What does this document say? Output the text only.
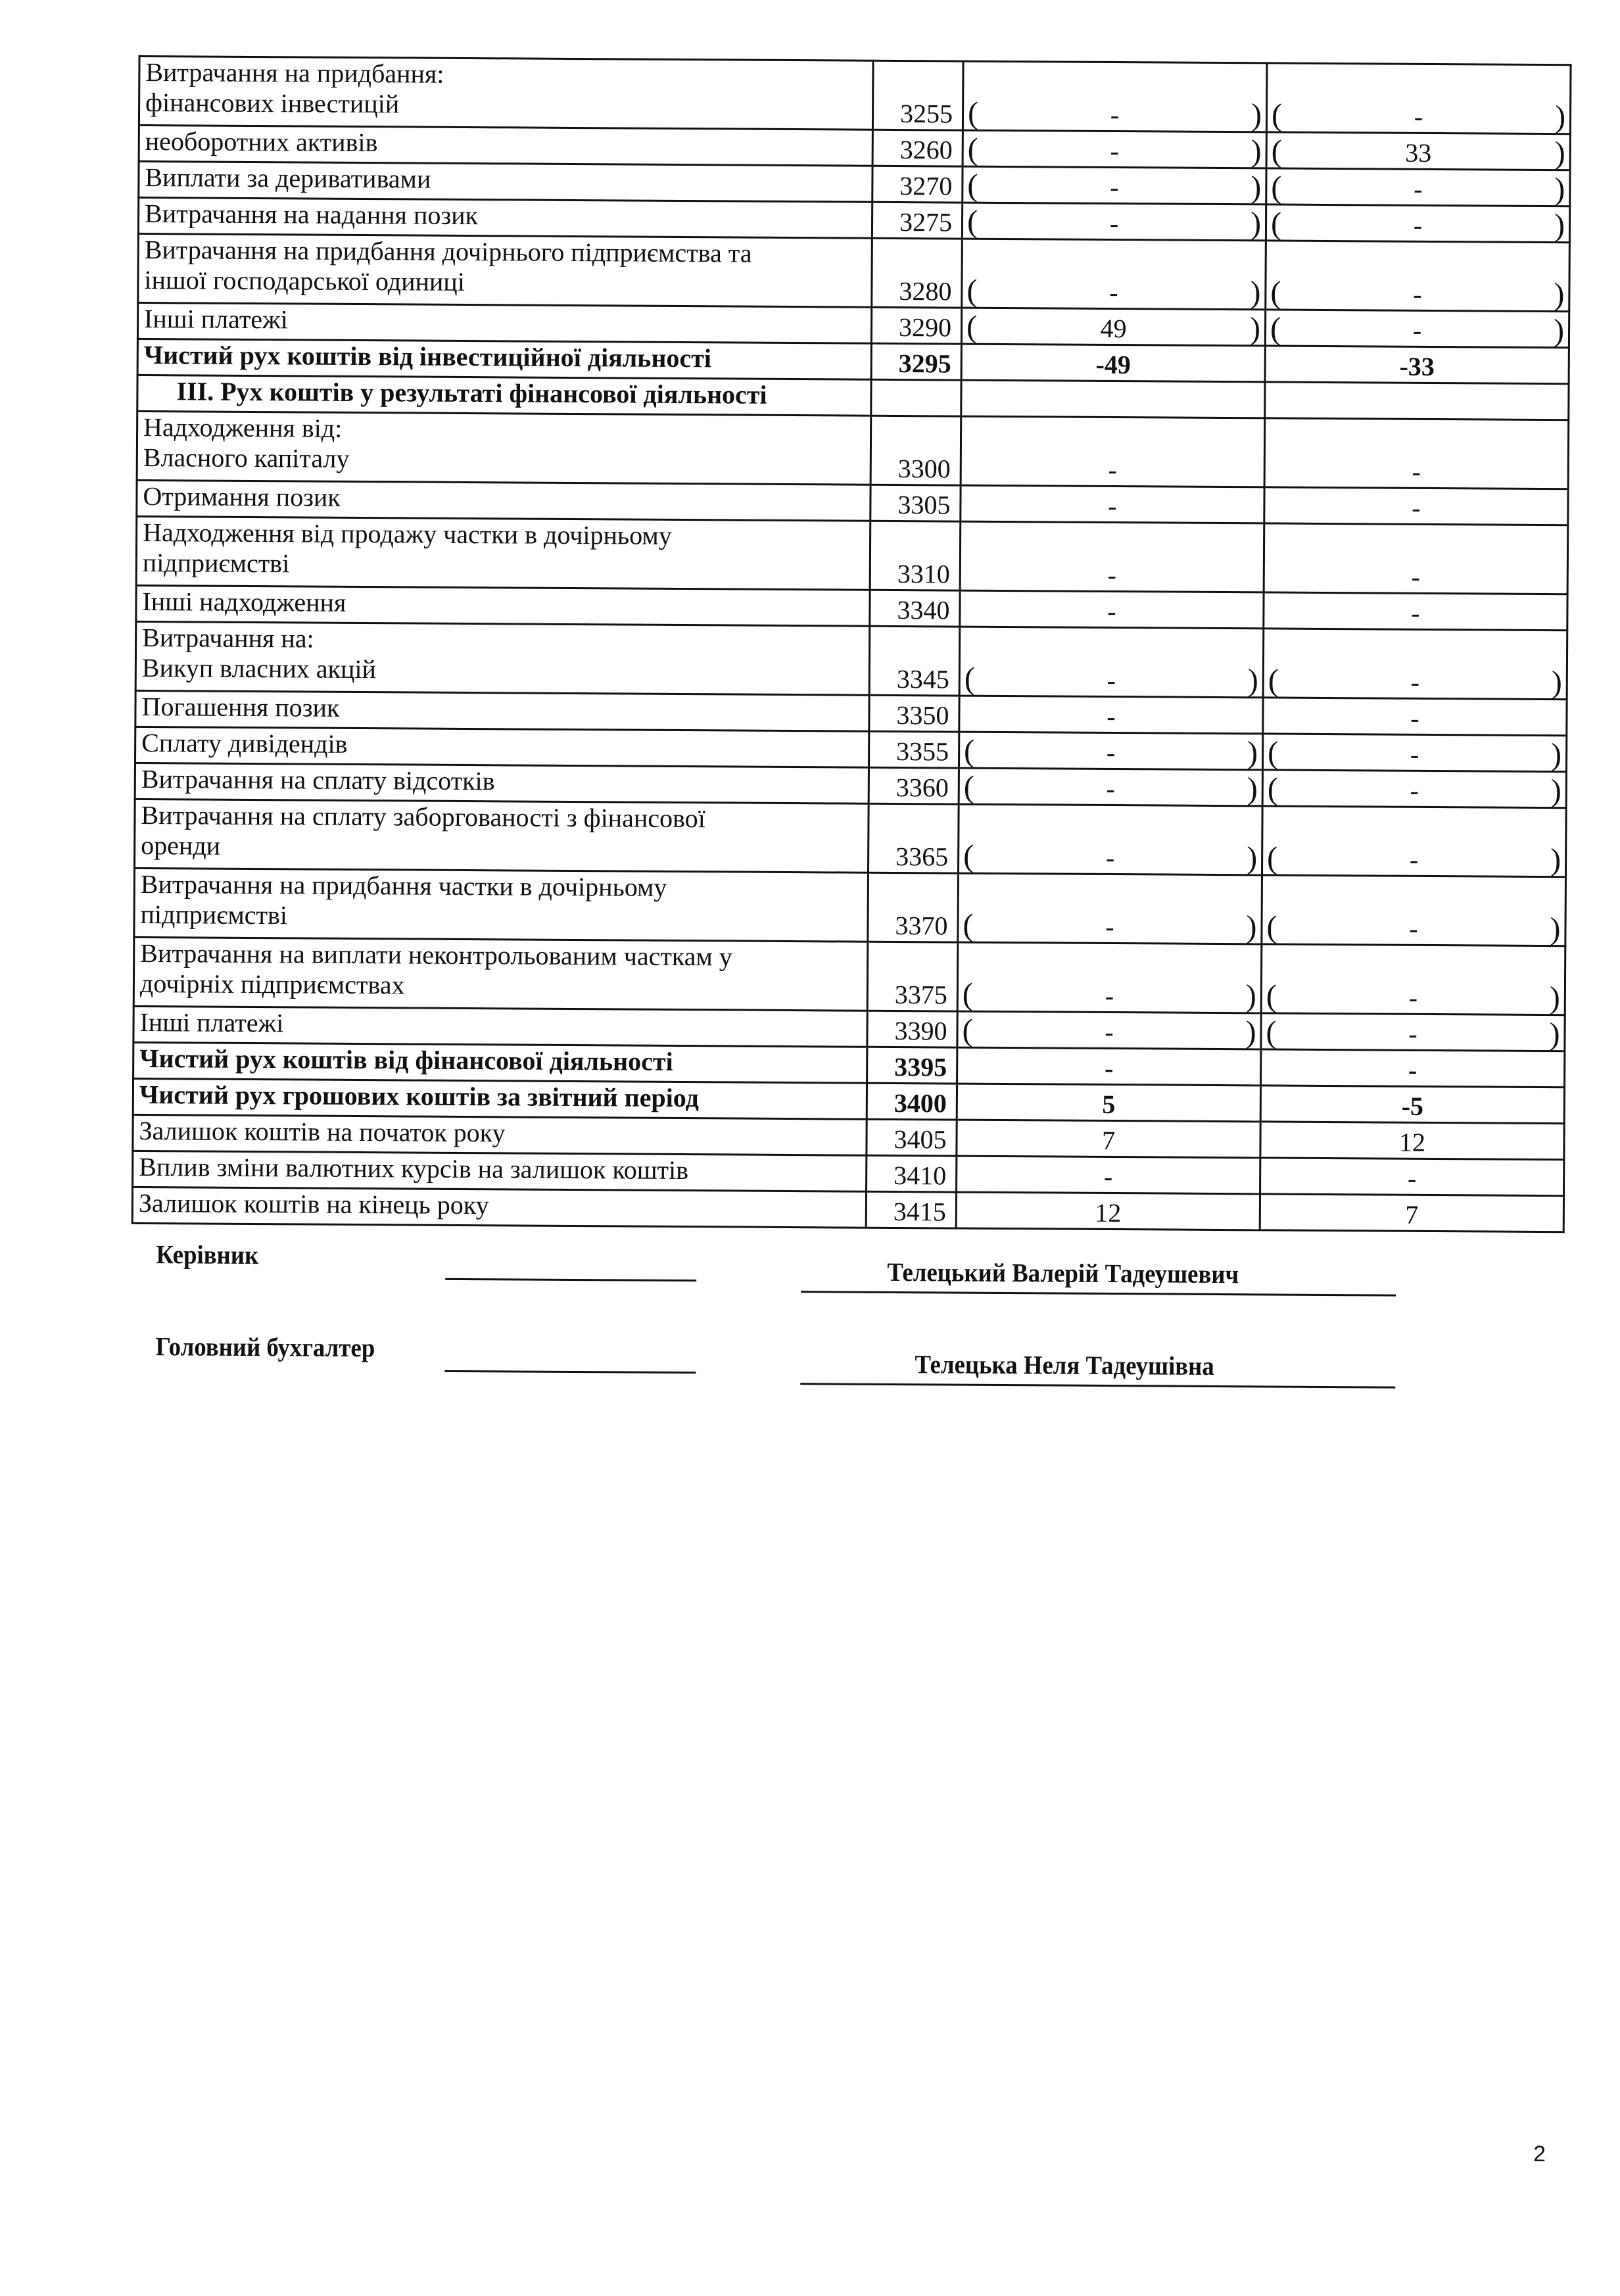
Витрачання на придбання:
фінансових інвестицій	3255	( - )	( - )

необоротних активів	3260	( - )	( 33 )

Виплати за деривативами	3270	( - )	( - )

Витрачання на надання позик	3275	( - )	( - )

Витрачання на придбання дочірнього підприємства та
іншої господарської одиниці	3280	( - )	( - )

Інші платежі	3290	( 49 )	( - )

Чистий рух коштів від інвестиційної діяльності	3295	-49	-33

III. Рух коштів у результаті фінансової діяльності			

Надходження від:
Власного капіталу	3300	-	-

Отримання позик	3305	-	-

Надходження від продажу частки в дочірньому
підприємстві	3310	-	-

Інші надходження	3340	-	-

Витрачання на:
Викуп власних акцій	3345	( - )	( - )

Погашення позик	3350	-	-

Сплату дивідендів	3355	( - )	( - )

Витрачання на сплату відсотків	3360	( - )	( - )

Витрачання на сплату заборгованості з фінансової
оренди	3365	( - )	( - )

Витрачання на придбання частки в дочірньому
підприємстві	3370	( - )	( - )

Витрачання на виплати неконтрольованим часткам у
дочірніх підприємствах	3375	( - )	( - )

Інші платежі	3390	( - )	( - )

Чистий рух коштів від фінансової діяльності	3395	-	-

Чистий рух грошових коштів за звітний період	3400	5	-5

Залишок коштів на початок року	3405	7	12

Вплив зміни валютних курсів на залишок коштів	3410	-	-

Залишок коштів на кінець року	3415	12	7
Керівник
Телецький Валерій Тадеушевич
Головний бухгалтер
Телецька Неля Тадеушівна
2
